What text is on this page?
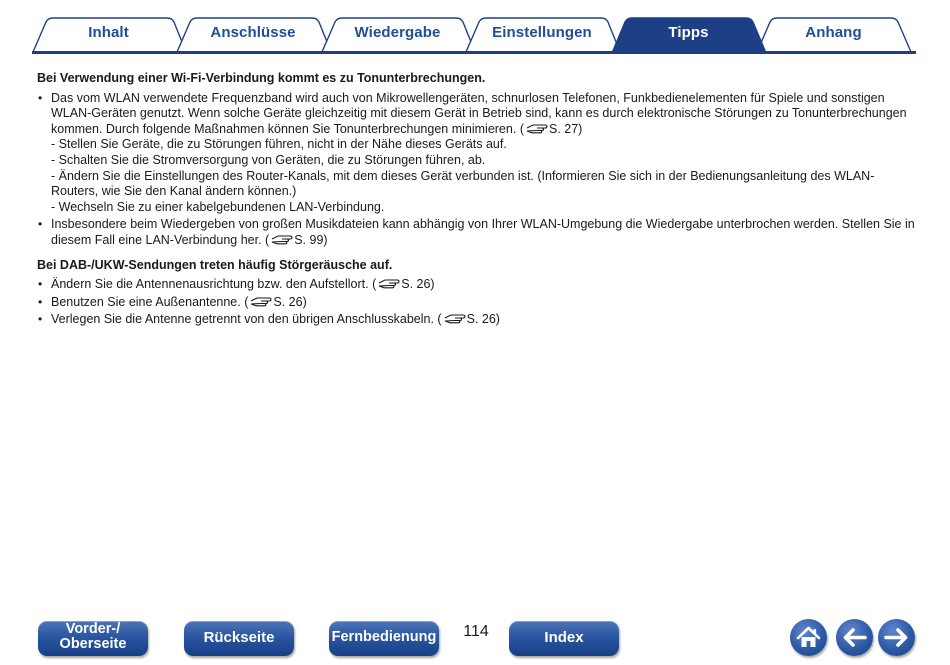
Inhalt	Anschlüsse	Wiedergabe	Einstellungen	Tipps	Anhang
Bei Verwendung einer Wi-Fi-Verbindung kommt es zu Tonunterbrechungen.
• Das vom WLAN verwendete Frequenzband wird auch von Mikrowellengeräten, schnurlosen Telefonen, Funkbedienelementen für Spiele und sonstigen WLAN-Geräten genutzt. Wenn solche Geräte gleichzeitig mit diesem Gerät in Betrieb sind, kann es durch elektronische Störungen zu Tonunterbrechungen kommen. Durch folgende Maßnahmen können Sie Tonunterbrechungen minimieren. ( S. 27)
- Stellen Sie Geräte, die zu Störungen führen, nicht in der Nähe dieses Geräts auf.
- Schalten Sie die Stromversorgung von Geräten, die zu Störungen führen, ab.
- Ändern Sie die Einstellungen des Router-Kanals, mit dem dieses Gerät verbunden ist. (Informieren Sie sich in der Bedienungsanleitung des WLAN-Routers, wie Sie den Kanal ändern können.)
- Wechseln Sie zu einer kabelgebundenen LAN-Verbindung.
• Insbesondere beim Wiedergeben von großen Musikdateien kann abhängig von Ihrer WLAN-Umgebung die Wiedergabe unterbrochen werden. Stellen Sie in diesem Fall eine LAN-Verbindung her. ( S. 99)
Bei DAB-/UKW-Sendungen treten häufig Störgeräusche auf.
• Ändern Sie die Antennenausrichtung bzw. den Aufstellort. ( S. 26)
• Benutzen Sie eine Außenantenne. ( S. 26)
• Verlegen Sie die Antenne getrennt von den übrigen Anschlusskabeln. ( S. 26)
Vorder-/
Oberseite	Rückseite	Fernbedienung	114	Index
